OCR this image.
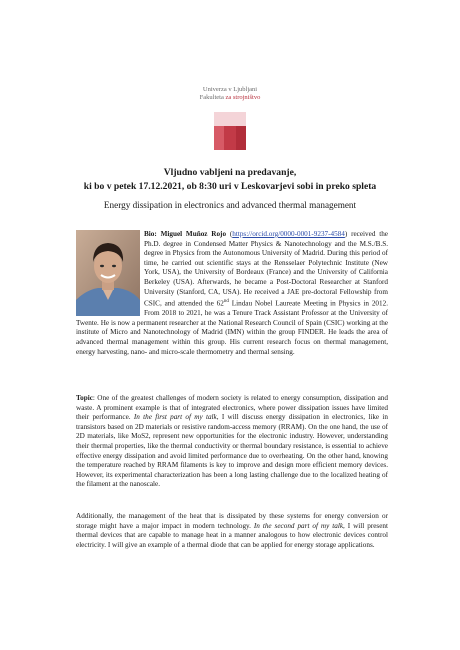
Univerza v Ljubljani
Fakulteta za strojništvo
Vljudno vabljeni na predavanje,
ki bo v petek 17.12.2021, ob 8:30 uri v Leskovarjevi sobi in preko spleta
Energy dissipation in electronics and advanced thermal management
Bio: Miguel Muñoz Rojo (https://orcid.org/0000-0001-9237-4584) received the Ph.D. degree in Condensed Matter Physics & Nanotechnology and the M.S./B.S. degree in Physics from the Autonomous University of Madrid. During this period of time, he carried out scientific stays at the Rensselaer Polytechnic Institute (New York, USA), the University of Bordeaux (France) and the University of California Berkeley (USA). Afterwards, he became a Post-Doctoral Researcher at Stanford University (Stanford, CA, USA). He received a JAE pre-doctoral Fellowship from CSIC, and attended the 62nd Lindau Nobel Laureate Meeting in Physics in 2012. From 2018 to 2021, he was a Tenure Track Assistant Professor at the University of Twente. He is now a permanent researcher at the National Research Council of Spain (CSIC) working at the institute of Micro and Nanotechnology of Madrid (IMN) within the group FINDER. He leads the area of advanced thermal management within this group. His current research focus on thermal management, energy harvesting, nano- and micro-scale thermometry and thermal sensing.
Topic: One of the greatest challenges of modern society is related to energy consumption, dissipation and waste. A prominent example is that of integrated electronics, where power dissipation issues have limited their performance. In the first part of my talk, I will discuss energy dissipation in electronics, like in transistors based on 2D materials or resistive random-access memory (RRAM). On the one hand, the use of 2D materials, like MoS2, represent new opportunities for the electronic industry. However, understanding their thermal properties, like the thermal conductivity or thermal boundary resistance, is essential to achieve effective energy dissipation and avoid limited performance due to overheating. On the other hand, knowing the temperature reached by RRAM filaments is key to improve and design more efficient memory devices. However, its experimental characterization has been a long lasting challenge due to the localized heating of the filament at the nanoscale.
Additionally, the management of the heat that is dissipated by these systems for energy conversion or storage might have a major impact in modern technology. In the second part of my talk, I will present thermal devices that are capable to manage heat in a manner analogous to how electronic devices control electricity. I will give an example of a thermal diode that can be applied for energy storage applications.
